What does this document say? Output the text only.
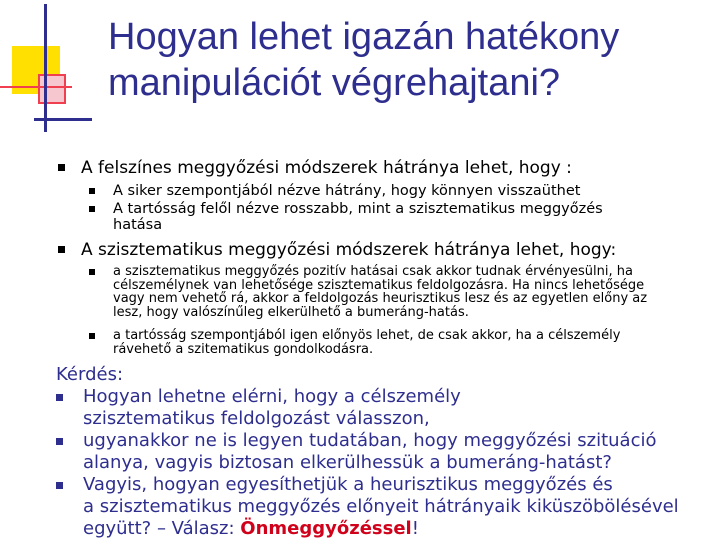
Hogyan lehet igazán hatékony
manipulációt végrehajtani?
A felszínes meggyőzési módszerek hátránya lehet, hogy :
A siker szempontjából nézve hátrány, hogy könnyen visszaüthet
A tartósság felől nézve rosszabb, mint a szisztematikus meggyőzés
hatása
A szisztematikus meggyőzési módszerek hátránya lehet, hogy:
a szisztematikus meggyőzés pozitív hatásai csak akkor tudnak érvényesülni, ha
célszemélynek van lehetősége szisztematikus feldolgozásra. Ha nincs lehetősége
vagy nem vehető rá, akkor a feldolgozás heurisztikus lesz és az egyetlen előny az
lesz, hogy valószínűleg elkerülhető a bumeráng-hatás.
a tartósság szempontjából igen előnyös lehet, de csak akkor, ha a célszemély
rávehető a szitematikus gondolkodásra.
Kérdés:
Hogyan lehetne elérni, hogy a célszemély
szisztematikus feldolgozást válasszon,
ugyanakkor ne is legyen tudatában, hogy meggyőzési szituáció
alanya, vagyis biztosan elkerülhessük a bumeráng-hatást?
Vagyis, hogyan egyesíthetjük a heurisztikus meggyőzés és
a szisztematikus meggyőzés előnyeit hátrányaik kiküszöbölésével
együtt? – Válasz: Önmeggyőzéssel!
